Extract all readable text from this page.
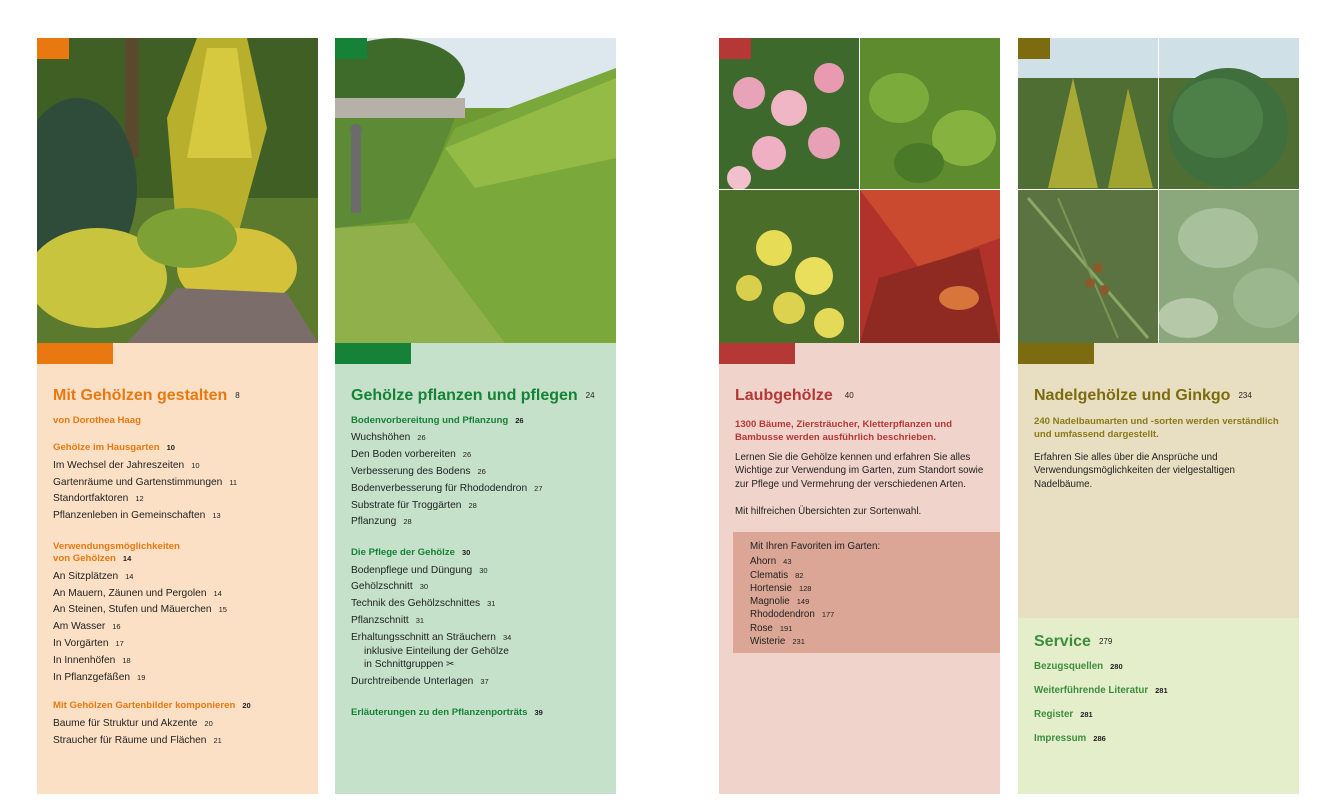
Mit Gehölzen gestalten 8
von Dorothea Haag
Gehölze im Hausgarten 10
Im Wechsel der Jahreszeiten 10
Gartenräume und Gartenstimmungen 11
Standortfaktoren 12
Pflanzenleben in Gemeinschaften 13
Verwendungsmöglichkeiten
von Gehölzen 14
An Sitzplätzen 14
An Mauern, Zäunen und Pergolen 14
An Steinen, Stufen und Mäuerchen 15
Am Wasser 16
In Vorgärten 17
In Innenhöfen 18
In Pflanzgefäßen 19
Mit Gehölzen Gartenbilder komponieren 20
Baume für Struktur und Akzente 20
Straucher für Räume und Flächen 21
Gehölze pflanzen und pflegen 24
Bodenvorbereitung und Pflanzung 26
Wuchshöhen 26
Den Boden vorbereiten 26
Verbesserung des Bodens 26
Bodenverbesserung für Rhododendron 27
Substrate für Troggärten 28
Pflanzung 28
Die Pflege der Gehölze 30
Bodenpflege und Düngung 30
Gehölzschnitt 30
Technik des Gehölzschnittes 31
Pflanzschnitt 31
Erhaltungsschnitt an Sträuchern 34
inklusive Einteilung der Gehölze
in Schnittgruppen ✂
Durchtreibende Unterlagen 37
Erläuterungen zu den Pflanzenporträts 39
Laubgehölze 40
1300 Bäume, Ziersträucher, Kletterpflanzen und Bambusse werden ausführlich beschrieben.
Lernen Sie die Gehölze kennen und erfahren Sie alles Wichtige zur Verwendung im Garten, zum Standort sowie zur Pflege und Vermehrung der verschiedenen Arten.
Mit hilfreichen Übersichten zur Sortenwahl.
Mit Ihren Favoriten im Garten:
Ahorn 43
Clematis 82
Hortensie 128
Magnolie 149
Rhododendron 177
Rose 191
Wisterie 231
Nadelgehölze und Ginkgo 234
240 Nadelbaumarten und -sorten werden verständlich und umfassend dargestellt.
Erfahren Sie alles über die Ansprüche und Verwendungsmöglichkeiten der vielgestaltigen Nadelbäume.
Service 279
Bezugsquellen 280
Weiterführende Literatur 281
Register 281
Impressum 286
